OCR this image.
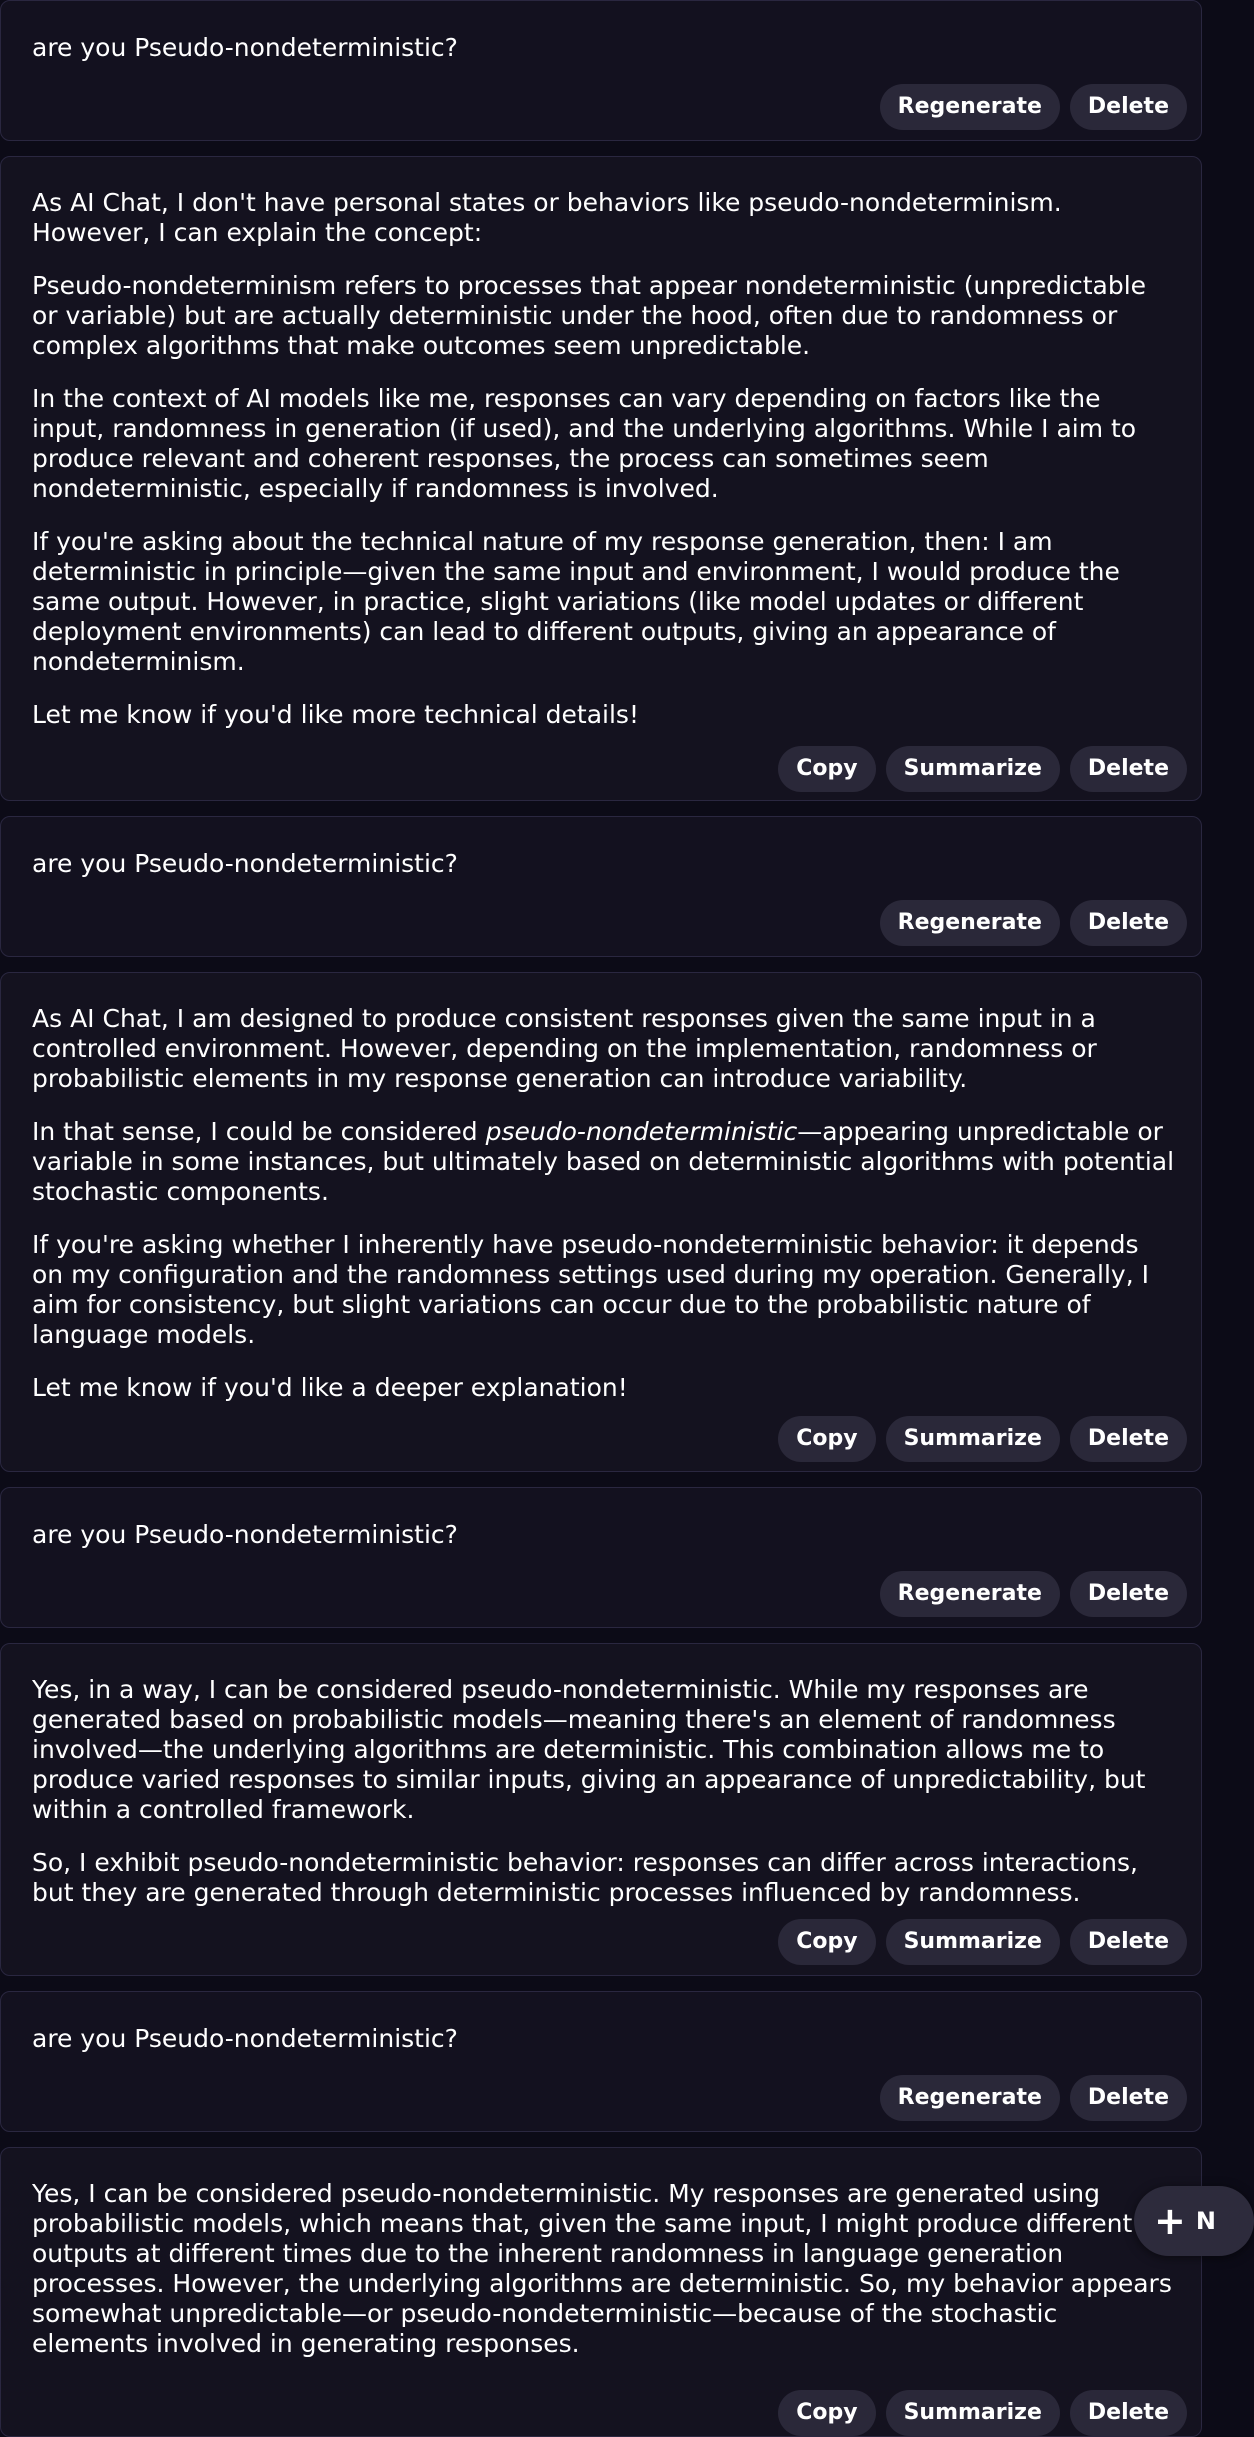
are you Pseudo-nondeterministic?
Regenerate	Delete

As AI Chat, I don't have personal states or behaviors like pseudo-nondeterminism. However, I can explain the concept:

Pseudo-nondeterminism refers to processes that appear nondeterministic (unpredictable or variable) but are actually deterministic under the hood, often due to randomness or complex algorithms that make outcomes seem unpredictable.

In the context of AI models like me, responses can vary depending on factors like the input, randomness in generation (if used), and the underlying algorithms. While I aim to produce relevant and coherent responses, the process can sometimes seem nondeterministic, especially if randomness is involved.

If you're asking about the technical nature of my response generation, then: I am deterministic in principle—given the same input and environment, I would produce the same output. However, in practice, slight variations (like model updates or different deployment environments) can lead to different outputs, giving an appearance of nondeterminism.

Let me know if you'd like more technical details!

Copy	Summarize	Delete
are you Pseudo-nondeterministic?
Regenerate	Delete

As AI Chat, I am designed to produce consistent responses given the same input in a controlled environment. However, depending on the implementation, randomness or probabilistic elements in my response generation can introduce variability.

In that sense, I could be considered pseudo-nondeterministic—appearing unpredictable or variable in some instances, but ultimately based on deterministic algorithms with potential stochastic components.

If you're asking whether I inherently have pseudo-nondeterministic behavior: it depends on my configuration and the randomness settings used during my operation. Generally, I aim for consistency, but slight variations can occur due to the probabilistic nature of language models.

Let me know if you'd like a deeper explanation!

Copy	Summarize	Delete
are you Pseudo-nondeterministic?
Regenerate	Delete

Yes, in a way, I can be considered pseudo-nondeterministic. While my responses are generated based on probabilistic models—meaning there's an element of randomness involved—the underlying algorithms are deterministic. This combination allows me to produce varied responses to similar inputs, giving an appearance of unpredictability, but within a controlled framework.

So, I exhibit pseudo-nondeterministic behavior: responses can differ across interactions, but they are generated through deterministic processes influenced by randomness.

Copy	Summarize	Delete
are you Pseudo-nondeterministic?
Regenerate	Delete

Yes, I can be considered pseudo-nondeterministic. My responses are generated using probabilistic models, which means that, given the same input, I might produce different outputs at different times due to the inherent randomness in language generation processes. However, the underlying algorithms are deterministic. So, my behavior appears somewhat unpredictable—or pseudo-nondeterministic—because of the stochastic elements involved in generating responses.

Copy	Summarize	Delete
+ N
